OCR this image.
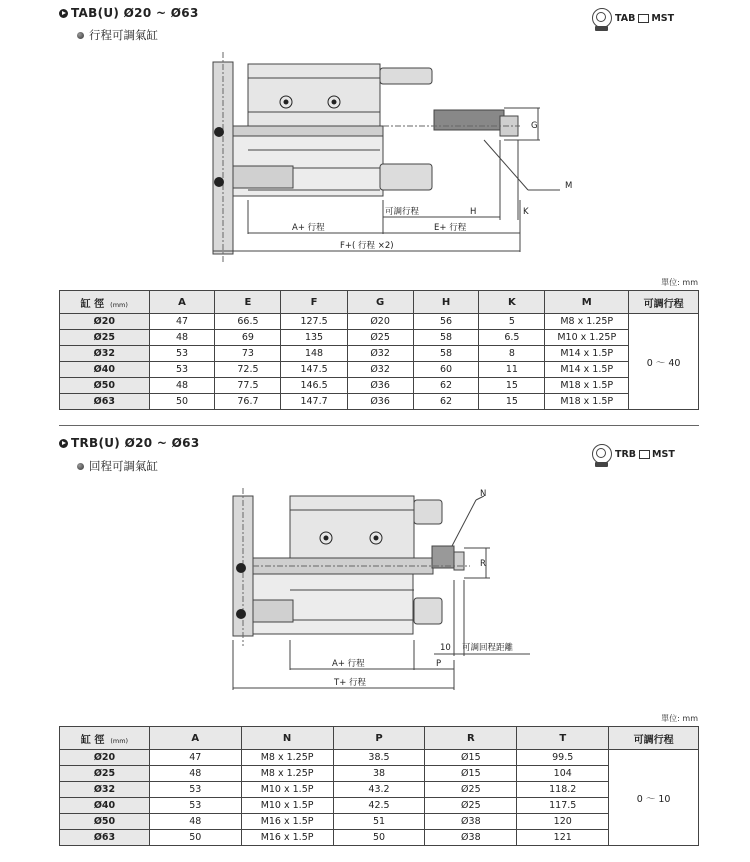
TAB(U) Ø20 ~ Ø63
行程可調氣缸
TAB MST
G
M
H	K
可調行程
A+ 行程	E+ 行程
F+( 行程 ×2)
單位: mm
缸 徑 (mm)	A	E	F	G	H	K	M	可調行程
Ø20	47	66.5	127.5	Ø20	56	5	M8 x 1.25P	0 ～ 40
Ø25	48	69	135	Ø25	58	6.5	M10 x 1.25P	
Ø32	53	73	148	Ø32	58	8	M14 x 1.5P	
Ø40	53	72.5	147.5	Ø32	60	11	M14 x 1.5P	
Ø50	48	77.5	146.5	Ø36	62	15	M18 x 1.5P	
Ø63	50	76.7	147.7	Ø36	62	15	M18 x 1.5P	
TRB(U) Ø20 ~ Ø63
回程可調氣缸
TRB MST
N
R
10 可調回程距離
P
A+ 行程
T+ 行程
單位: mm
缸 徑 (mm)	A	N	P	R	T	可調行程
Ø20	47	M8 x 1.25P	38.5	Ø15	99.5	0 ～ 10
Ø25	48	M8 x 1.25P	38	Ø15	104	
Ø32	53	M10 x 1.5P	43.2	Ø25	118.2	
Ø40	53	M10 x 1.5P	42.5	Ø25	117.5	
Ø50	48	M16 x 1.5P	51	Ø38	120	
Ø63	50	M16 x 1.5P	50	Ø38	121	
